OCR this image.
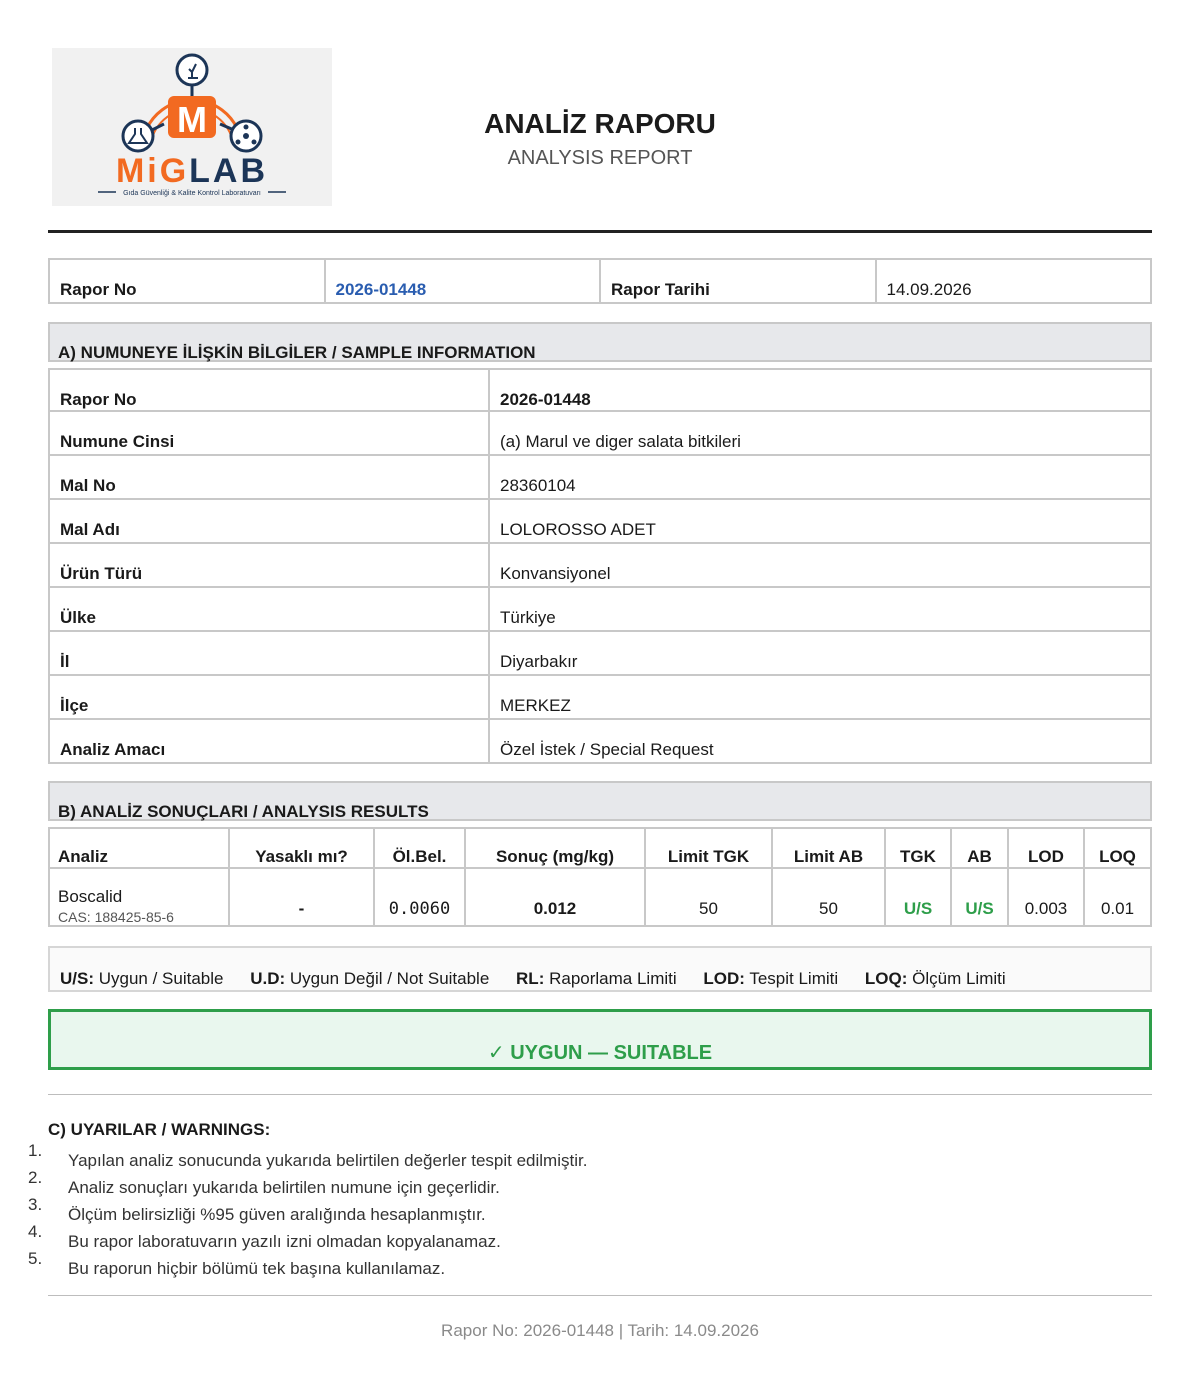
M
MiGLAB
Gıda Güvenliği & Kalite Kontrol Laboratuvarı
ANALİZ RAPORU
ANALYSIS REPORT
Rapor No	2026-01448	Rapor Tarihi	14.09.2026
A) NUMUNEYE İLİŞKİN BİLGİLER / SAMPLE INFORMATION
Rapor No	2026-01448
Numune Cinsi	(a) Marul ve diger salata bitkileri
Mal No	28360104
Mal Adı	LOLOROSSO ADET
Ürün Türü	Konvansiyonel
Ülke	Türkiye
İl	Diyarbakır
İlçe	MERKEZ
Analiz Amacı	Özel İstek / Special Request
B) ANALİZ SONUÇLARI / ANALYSIS RESULTS
Analiz	Yasaklı mı?	Öl.Bel.	Sonuç (mg/kg)	Limit TGK	Limit AB	TGK	AB	LOD	LOQ
Boscalid
CAS: 188425-85-6	-	0.0060	0.012	50	50	U/S	U/S	0.003	0.01
U/S: Uygun / Suitable U.D: Uygun Değil / Not Suitable RL: Raporlama Limiti LOD: Tespit Limiti LOQ: Ölçüm Limiti
✓ UYGUN — SUITABLE
C) UYARILAR / WARNINGS:
1.
Yapılan analiz sonucunda yukarıda belirtilen değerler tespit edilmiştir.
2.
Analiz sonuçları yukarıda belirtilen numune için geçerlidir.
3.
Ölçüm belirsizliği %95 güven aralığında hesaplanmıştır.
4.
Bu rapor laboratuvarın yazılı izni olmadan kopyalanamaz.
5.
Bu raporun hiçbir bölümü tek başına kullanılamaz.
Rapor No: 2026-01448 | Tarih: 14.09.2026
